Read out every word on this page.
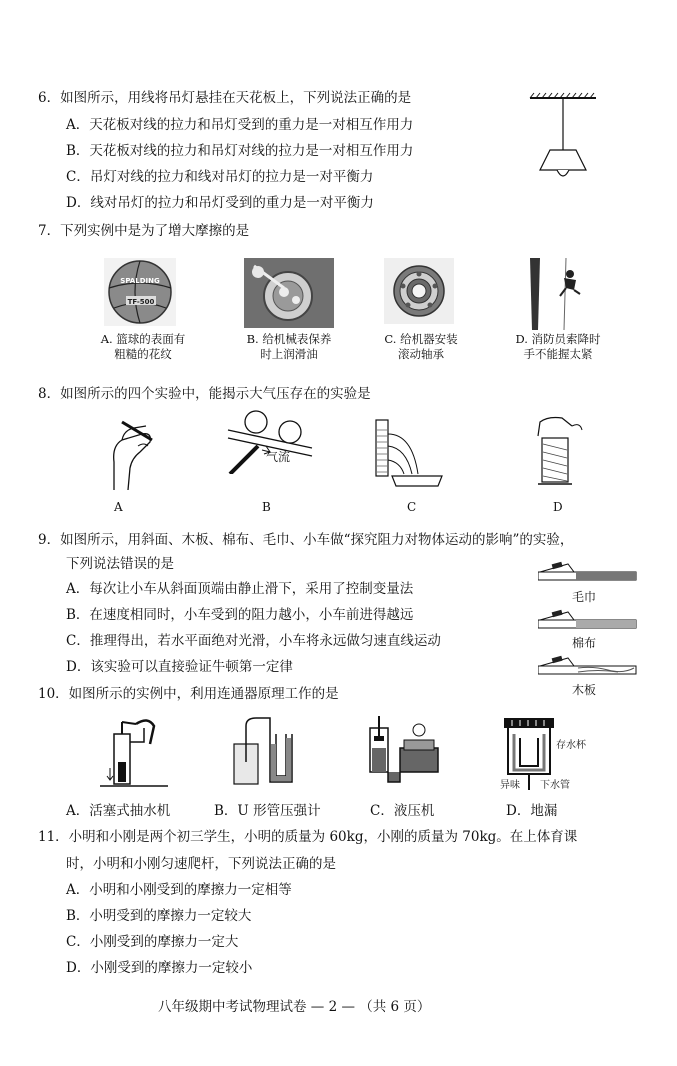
6．如图所示，用线将吊灯悬挂在天花板上，下列说法正确的是
A．天花板对线的拉力和吊灯受到的重力是一对相互作用力
B．天花板对线的拉力和吊灯对线的拉力是一对相互作用力
C．吊灯对线的拉力和线对吊灯的拉力是一对平衡力
D．线对吊灯的拉力和吊灯受到的重力是一对平衡力
7．下列实例中是为了增大摩擦的是
SPALDING
TF-500
A. 篮球的表面有
粗糙的花纹
B. 给机械表保养
时上润滑油
C. 给机器安装
滚动轴承
D. 消防员索降时
手不能握太紧
8．如图所示的四个实验中，能揭示大气压存在的实验是
气流
A	B	C	D
9．如图所示，用斜面、木板、棉布、毛巾、小车做“探究阻力对物体运动的影响”的实验，
下列说法错误的是
A．每次让小车从斜面顶端由静止滑下，采用了控制变量法
B．在速度相同时，小车受到的阻力越小，小车前进得越远
C．推理得出，若水平面绝对光滑，小车将永远做匀速直线运动
D．该实验可以直接验证牛顿第一定律
毛巾
棉布
木板
10．如图所示的实例中，利用连通器原理工作的是
存水杯
异味 下水管
A．活塞式抽水机	B．U 形管压强计	C．液压机	D．地漏
11．小明和小刚是两个初三学生，小明的质量为 60kg，小刚的质量为 70kg。在上体育课
时，小明和小刚匀速爬杆，下列说法正确的是
A．小明和小刚受到的摩擦力一定相等
B．小明受到的摩擦力一定较大
C．小刚受到的摩擦力一定大
D．小刚受到的摩擦力一定较小
八年级期中考试物理试卷 — 2 — （共 6 页）
